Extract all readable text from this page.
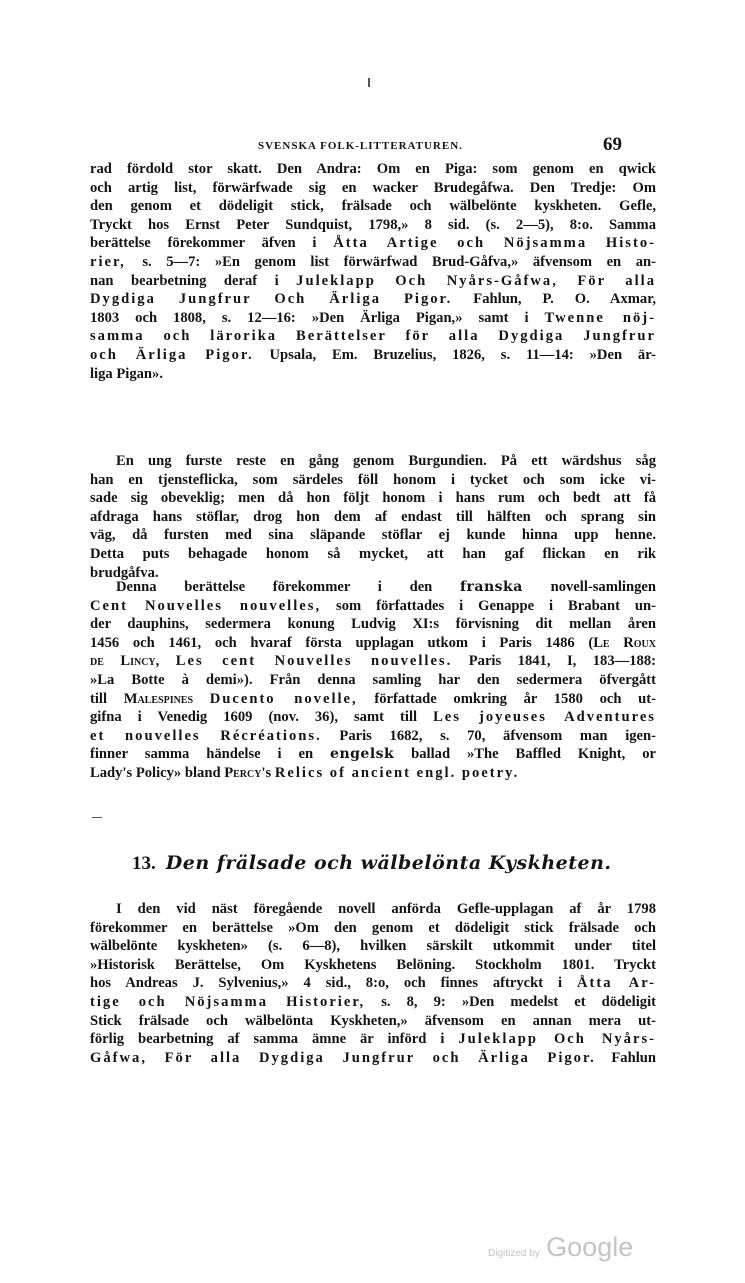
SVENSKA FOLK-LITTERATUREN.	69
rad fördold stor skatt. Den Andra: Om en Piga: som genom en qwick
och artig list, förwärfwade sig en wacker Brudegåfwa. Den Tredje: Om
den genom et dödeligit stick, frälsade och wälbelönte kyskheten. Gefle,
Tryckt hos Ernst Peter Sundquist, 1798,» 8 sid. (s. 2—5), 8:o. Samma
berättelse förekommer äfven i Åtta Artige och Nöjsamma Histo-
rier, s. 5—7: »En genom list förwärfwad Brud-Gåfva,» äfvensom en an-
nan bearbetning deraf i Juleklapp Och Nyårs-Gåfwa, För alla
Dygdiga Jungfrur Och Ärliga Pigor. Fahlun, P. O. Axmar,
1803 och 1808, s. 12—16: »Den Ärliga Pigan,» samt i Twenne nöj-
samma och lärorika Berättelser för alla Dygdiga Jungfrur
och Ärliga Pigor. Upsala, Em. Bruzelius, 1826, s. 11—14: »Den är-
liga Pigan».
En ung furste reste en gång genom Burgundien. På ett wärdshus såg
han en tjensteflicka, som särdeles föll honom i tycket och som icke vi-
sade sig obeveklig; men då hon följt honom i hans rum och bedt att få
afdraga hans stöflar, drog hon dem af endast till hälften och sprang sin
väg, då fursten med sina släpande stöflar ej kunde hinna upp henne.
Detta puts behagade honom så mycket, att han gaf flickan en rik
brudgåfva.
Denna berättelse förekommer i den franska novell-samlingen
Cent Nouvelles nouvelles, som författades i Genappe i Brabant un-
der dauphins, sedermera konung Ludvig XI:s förvisning dit mellan åren
1456 och 1461, och hvaraf första upplagan utkom i Paris 1486 (Le Roux
de Lincy, Les cent Nouvelles nouvelles. Paris 1841, I, 183—188:
»La Botte à demi»). Från denna samling har den sedermera öfvergått
till Malespines Ducento novelle, författade omkring år 1580 och ut-
gifna i Venedig 1609 (nov. 36), samt till Les joyeuses Adventures
et nouvelles Récréations. Paris 1682, s. 70, äfvensom man igen-
finner samma händelse i en engelsk ballad »The Baffled Knight, or
Lady's Policy» bland Percy's Relics of ancient engl. poetry.
13. Den frälsade och wälbelönta Kyskheten.
I den vid näst föregående novell anförda Gefle-upplagan af år 1798
förekommer en berättelse »Om den genom et dödeligit stick frälsade och
wälbelönte kyskheten» (s. 6—8), hvilken särskilt utkommit under titel
»Historisk Berättelse, Om Kyskhetens Belöning. Stockholm 1801. Tryckt
hos Andreas J. Sylvenius,» 4 sid., 8:o, och finnes aftryckt i Åtta Ar-
tige och Nöjsamma Historier, s. 8, 9: »Den medelst et dödeligit
Stick frälsade och wälbelönta Kyskheten,» äfvensom en annan mera ut-
förlig bearbetning af samma ämne är införd i Juleklapp Och Nyårs-
Gåfwa, För alla Dygdiga Jungfrur och Ärliga Pigor. Fahlun
Digitized by Google
